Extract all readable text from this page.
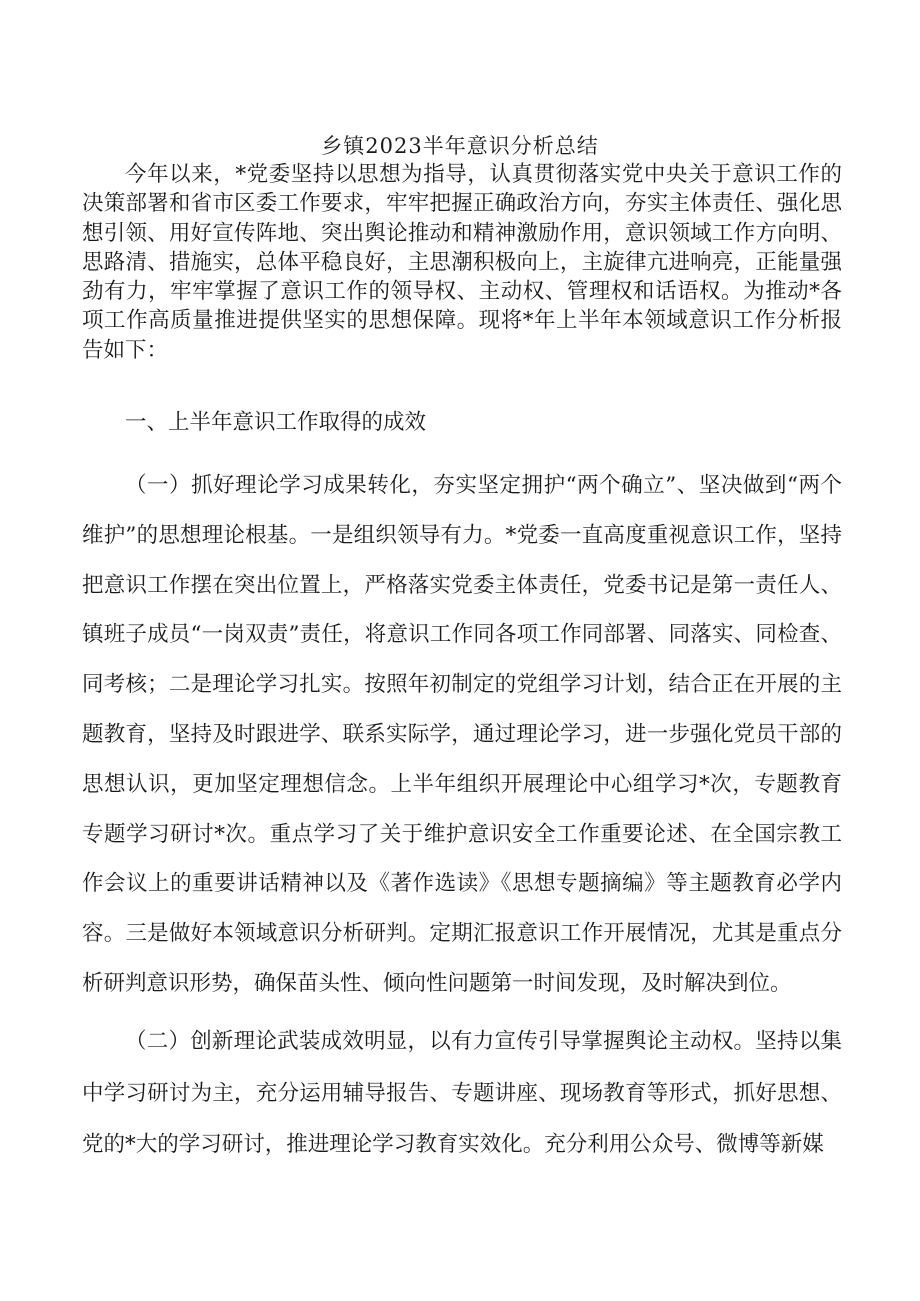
乡镇2023半年意识分析总结

今年以来，*党委坚持以思想为指导，认真贯彻落实党中央关于意识工作的决策部署和省市区委工作要求，牢牢把握正确政治方向，夯实主体责任、强化思想引领、用好宣传阵地、突出舆论推动和精神激励作用，意识领域工作方向明、思路清、措施实，总体平稳良好，主思潮积极向上，主旋律亢进响亮，正能量强劲有力，牢牢掌握了意识工作的领导权、主动权、管理权和话语权。为推动*各项工作高质量推进提供坚实的思想保障。现将*年上半年本领域意识工作分析报告如下：

一、上半年意识工作取得的成效

（一）抓好理论学习成果转化，夯实坚定拥护“两个确立”、坚决做到“两个维护”的思想理论根基。一是组织领导有力。*党委一直高度重视意识工作，坚持把意识工作摆在突出位置上，严格落实党委主体责任，党委书记是第一责任人、镇班子成员“一岗双责”责任，将意识工作同各项工作同部署、同落实、同检查、同考核；二是理论学习扎实。按照年初制定的党组学习计划，结合正在开展的主题教育，坚持及时跟进学、联系实际学，通过理论学习，进一步强化党员干部的思想认识，更加坚定理想信念。上半年组织开展理论中心组学习*次，专题教育专题学习研讨*次。重点学习了关于维护意识安全工作重要论述、在全国宗教工作会议上的重要讲话精神以及《著作选读》《思想专题摘编》等主题教育必学内容。三是做好本领域意识分析研判。定期汇报意识工作开展情况，尤其是重点分析研判意识形势，确保苗头性、倾向性问题第一时间发现，及时解决到位。

（二）创新理论武装成效明显，以有力宣传引导掌握舆论主动权。坚持以集中学习研讨为主，充分运用辅导报告、专题讲座、现场教育等形式，抓好思想、党的*大的学习研讨，推进理论学习教育实效化。充分利用公众号、微博等新媒
